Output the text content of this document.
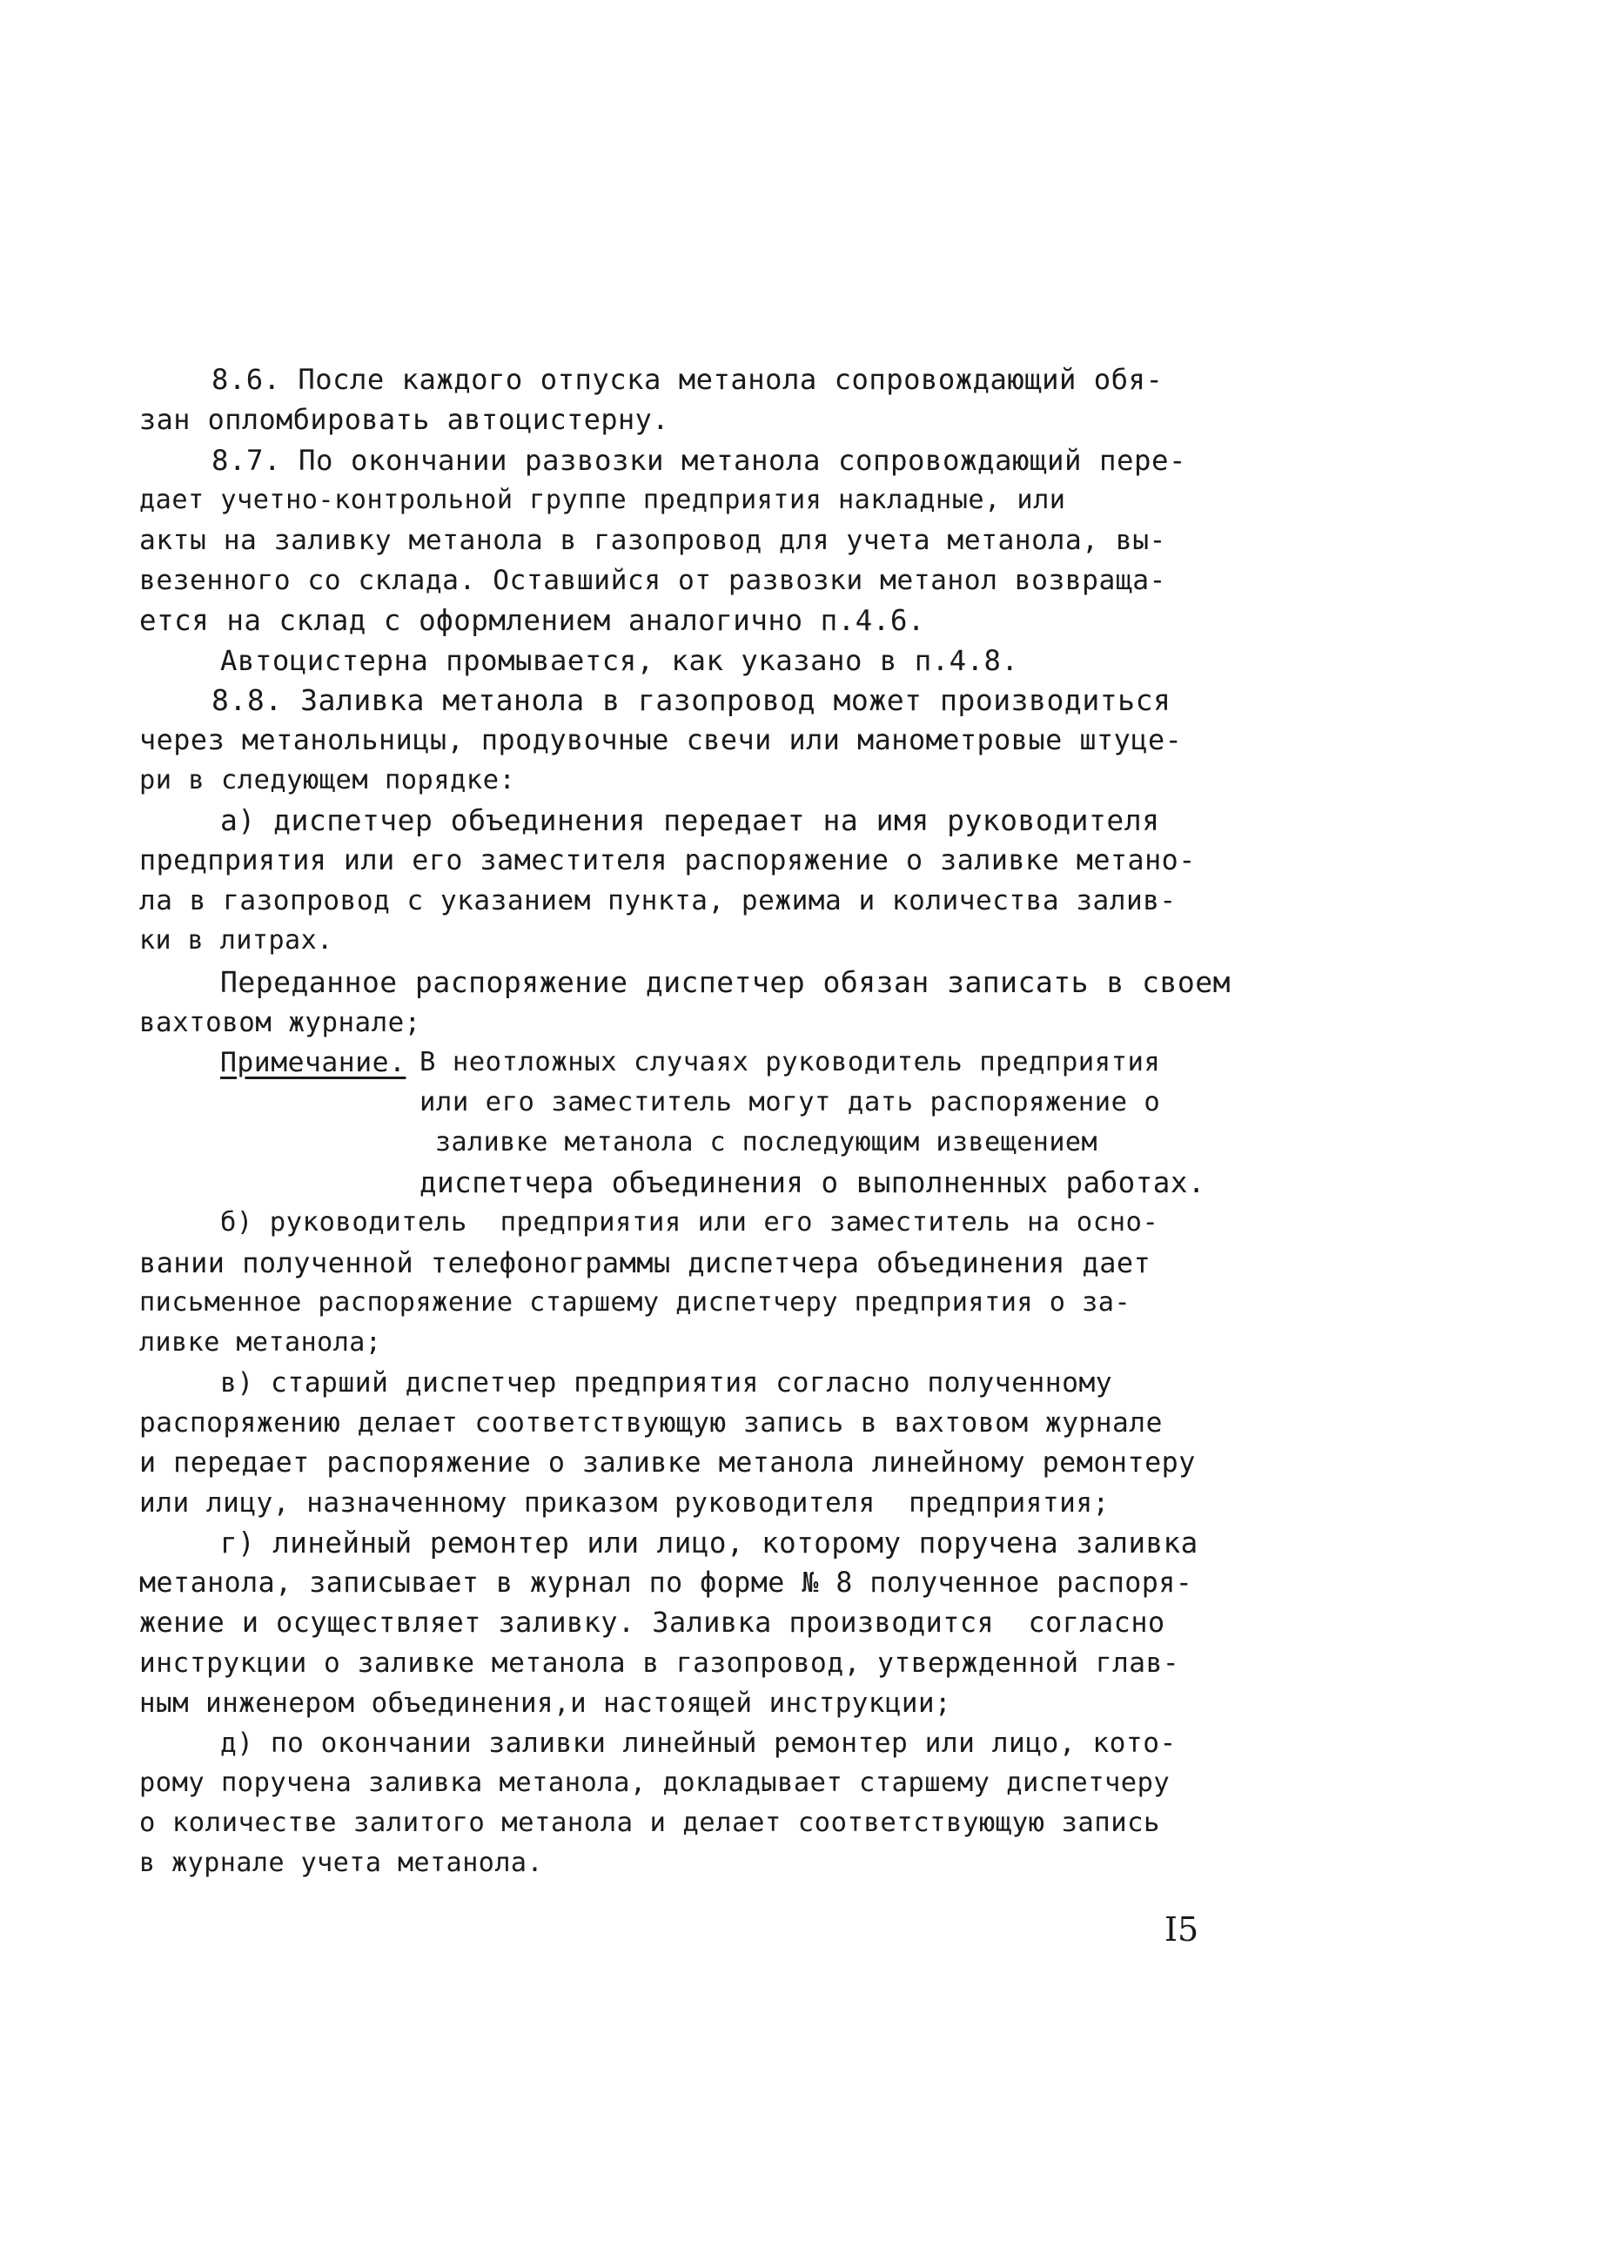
8.6. После каждого отпуска метанола сопровождающий обя-
зан опломбировать автоцистерну.
8.7. По окончании развозки метанола сопровождающий пере-
дает учетно-контрольной группе предприятия накладные, или
акты на заливку метанола в газопровод для учета метанола, вы-
везенного со склада. Оставшийся от развозки метанол возвраща-
ется на склад с оформлением аналогично п.4.6.
Автоцистерна промывается, как указано в п.4.8.
8.8. Заливка метанола в газопровод может производиться
через метанольницы, продувочные свечи или манометровые штуце-
ри в следующем порядке:
а) диспетчер объединения передает на имя руководителя
предприятия или его заместителя распоряжение о заливке метано-
ла в газопровод с указанием пункта, режима и количества залив-
ки в литрах.
Переданное распоряжение диспетчер обязан записать в своем
вахтовом журнале;
Примечание. В неотложных случаях руководитель предприятия
или его заместитель могут дать распоряжение о
заливке метанола с последующим извещением
диспетчера объединения о выполненных работах.
б) руководитель  предприятия или его заместитель на осно-
вании полученной телефонограммы диспетчера объединения дает
письменное распоряжение старшему диспетчеру предприятия о за-
ливке метанола;
в) старший диспетчер предприятия согласно полученному
распоряжению делает соответствующую запись в вахтовом журнале
и передает распоряжение о заливке метанола линейному ремонтеру
или лицу, назначенному приказом руководителя  предприятия;
г) линейный ремонтер или лицо, которому поручена заливка
метанола, записывает в журнал по форме № 8 полученное распоря-
жение и осуществляет заливку. Заливка производится  согласно
инструкции о заливке метанола в газопровод, утвержденной глав-
ным инженером объединения,и настоящей инструкции;
д) по окончании заливки линейный ремонтер или лицо, кото-
рому поручена заливка метанола, докладывает старшему диспетчеру
о количестве залитого метанола и делает соответствующую запись
в журнале учета метанола.
I5
